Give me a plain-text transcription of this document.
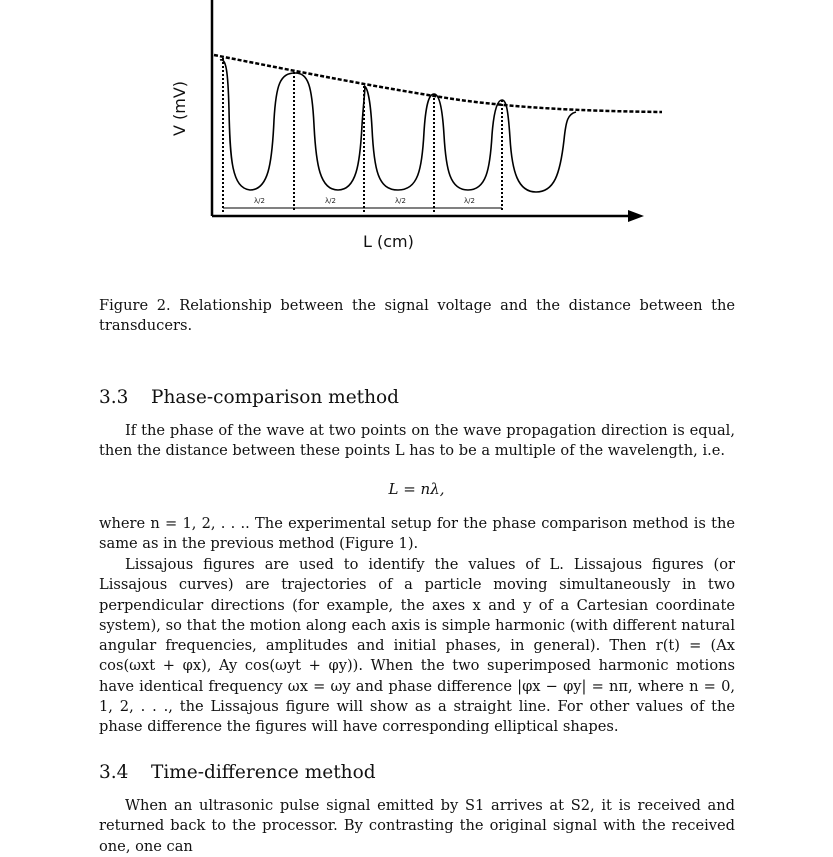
λ/2	λ/2	λ/2	λ/2
V (mV)
L (cm)
Figure 2. Relationship between the signal voltage and the distance between the transducers.
3.3 Phase-comparison method
If the phase of the wave at two points on the wave propagation direction is equal, then the distance between these points L has to be a multiple of the wavelength, i.e.
L = nλ,
where n = 1, 2, . . .. The experimental setup for the phase comparison method is the same as in the previous method (Figure 1).
Lissajous figures are used to identify the values of L. Lissajous figures (or Lissajous curves) are trajectories of a particle moving simultaneously in two perpendicular directions (for example, the axes x and y of a Cartesian coordinate system), so that the motion along each axis is simple harmonic (with different natural angular frequencies, amplitudes and initial phases, in general). Then r(t) = (Ax cos(ωxt + φx), Ay cos(ωyt + φy)). When the two superimposed harmonic motions have identical frequency ωx = ωy and phase difference |φx − φy| = nπ, where n = 0, 1, 2, . . ., the Lissajous figure will show as a straight line. For other values of the phase difference the figures will have corresponding elliptical shapes.
3.4 Time-difference method
When an ultrasonic pulse signal emitted by S1 arrives at S2, it is received and returned back to the processor. By contrasting the original signal with the received one, one can
